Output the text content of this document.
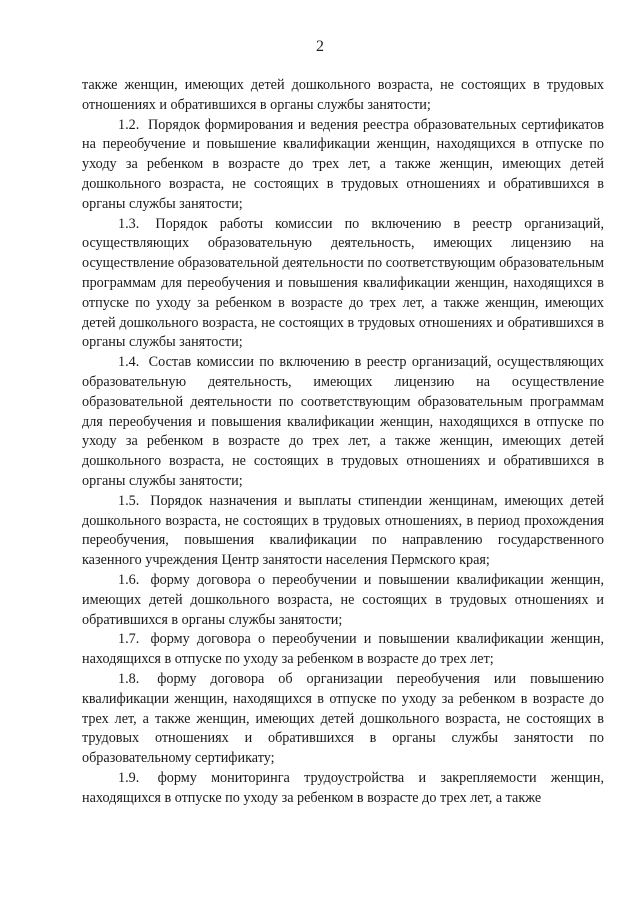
2

также женщин, имеющих детей дошкольного возраста, не состоящих в трудовых отношениях и обратившихся в органы службы занятости;

1.2. Порядок формирования и ведения реестра образовательных сертификатов на переобучение и повышение квалификации женщин, находящихся в отпуске по уходу за ребенком в возрасте до трех лет, а также женщин, имеющих детей дошкольного возраста, не состоящих в трудовых отношениях и обратившихся в органы службы занятости;

1.3. Порядок работы комиссии по включению в реестр организаций, осуществляющих образовательную деятельность, имеющих лицензию на осуществление образовательной деятельности по соответствующим образовательным программам для переобучения и повышения квалификации женщин, находящихся в отпуске по уходу за ребенком в возрасте до трех лет, а также женщин, имеющих детей дошкольного возраста, не состоящих в трудовых отношениях и обратившихся в органы службы занятости;

1.4. Состав комиссии по включению в реестр организаций, осуществляющих образовательную деятельность, имеющих лицензию на осуществление образовательной деятельности по соответствующим образовательным программам для переобучения и повышения квалификации женщин, находящихся в отпуске по уходу за ребенком в возрасте до трех лет, а также женщин, имеющих детей дошкольного возраста, не состоящих в трудовых отношениях и обратившихся в органы службы занятости;

1.5. Порядок назначения и выплаты стипендии женщинам, имеющих детей дошкольного возраста, не состоящих в трудовых отношениях, в период прохождения переобучения, повышения квалификации по направлению государственного казенного учреждения Центр занятости населения Пермского края;

1.6. форму договора о переобучении и повышении квалификации женщин, имеющих детей дошкольного возраста, не состоящих в трудовых отношениях и обратившихся в органы службы занятости;

1.7. форму договора о переобучении и повышении квалификации женщин, находящихся в отпуске по уходу за ребенком в возрасте до трех лет;

1.8. форму договора об организации переобучения или повышению квалификации женщин, находящихся в отпуске по уходу за ребенком в возрасте до трех лет, а также женщин, имеющих детей дошкольного возраста, не состоящих в трудовых отношениях и обратившихся в органы службы занятости по образовательному сертификату;

1.9. форму мониторинга трудоустройства и закрепляемости женщин, находящихся в отпуске по уходу за ребенком в возрасте до трех лет, а также
